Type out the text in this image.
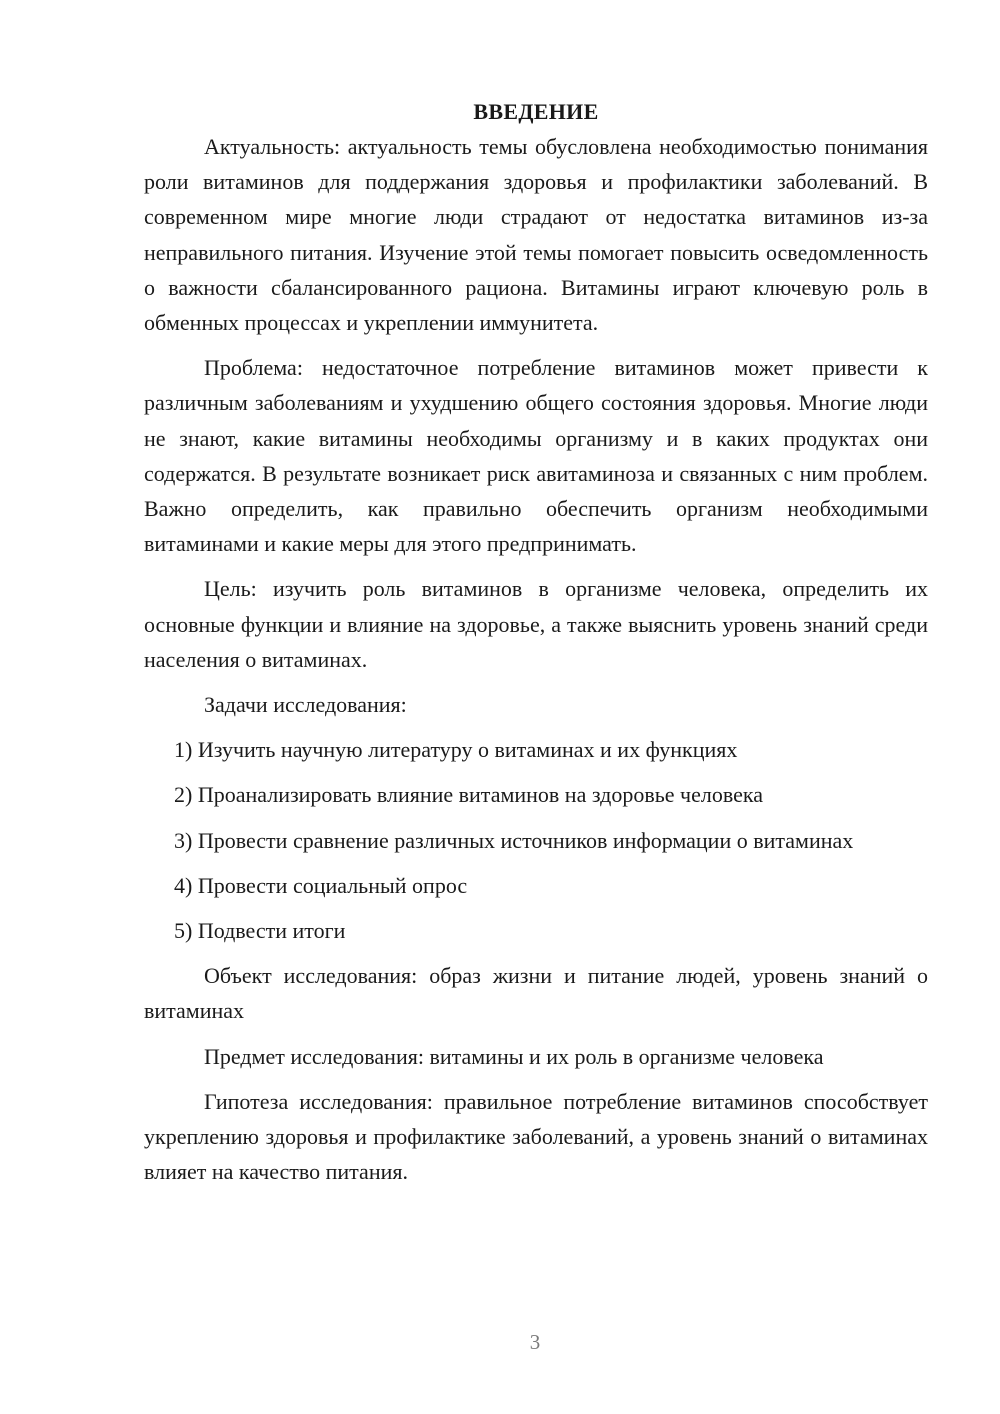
ВВЕДЕНИЕ

Актуальность: актуальность темы обусловлена необходимостью понимания роли витаминов для поддержания здоровья и профилактики заболеваний. В современном мире многие люди страдают от недостатка витаминов из-за неправильного питания. Изучение этой темы помогает повысить осведомленность о важности сбалансированного рациона. Витамины играют ключевую роль в обменных процессах и укреплении иммунитета.

Проблема: недостаточное потребление витаминов может привести к различным заболеваниям и ухудшению общего состояния здоровья. Многие люди не знают, какие витамины необходимы организму и в каких продуктах они содержатся. В результате возникает риск авитаминоза и связанных с ним проблем. Важно определить, как правильно обеспечить организм необходимыми витаминами и какие меры для этого предпринимать.

Цель: изучить роль витаминов в организме человека, определить их основные функции и влияние на здоровье, а также выяснить уровень знаний среди населения о витаминах.

Задачи исследования:

1) Изучить научную литературу о витаминах и их функциях

2) Проанализировать влияние витаминов на здоровье человека

3) Провести сравнение различных источников информации о витаминах

4) Провести социальный опрос

5) Подвести итоги

Объект исследования: образ жизни и питание людей, уровень знаний о витаминах

Предмет исследования: витамины и их роль в организме человека

Гипотеза исследования: правильное потребление витаминов способствует укреплению здоровья и профилактике заболеваний, а уровень знаний о витаминах влияет на качество питания.

3
